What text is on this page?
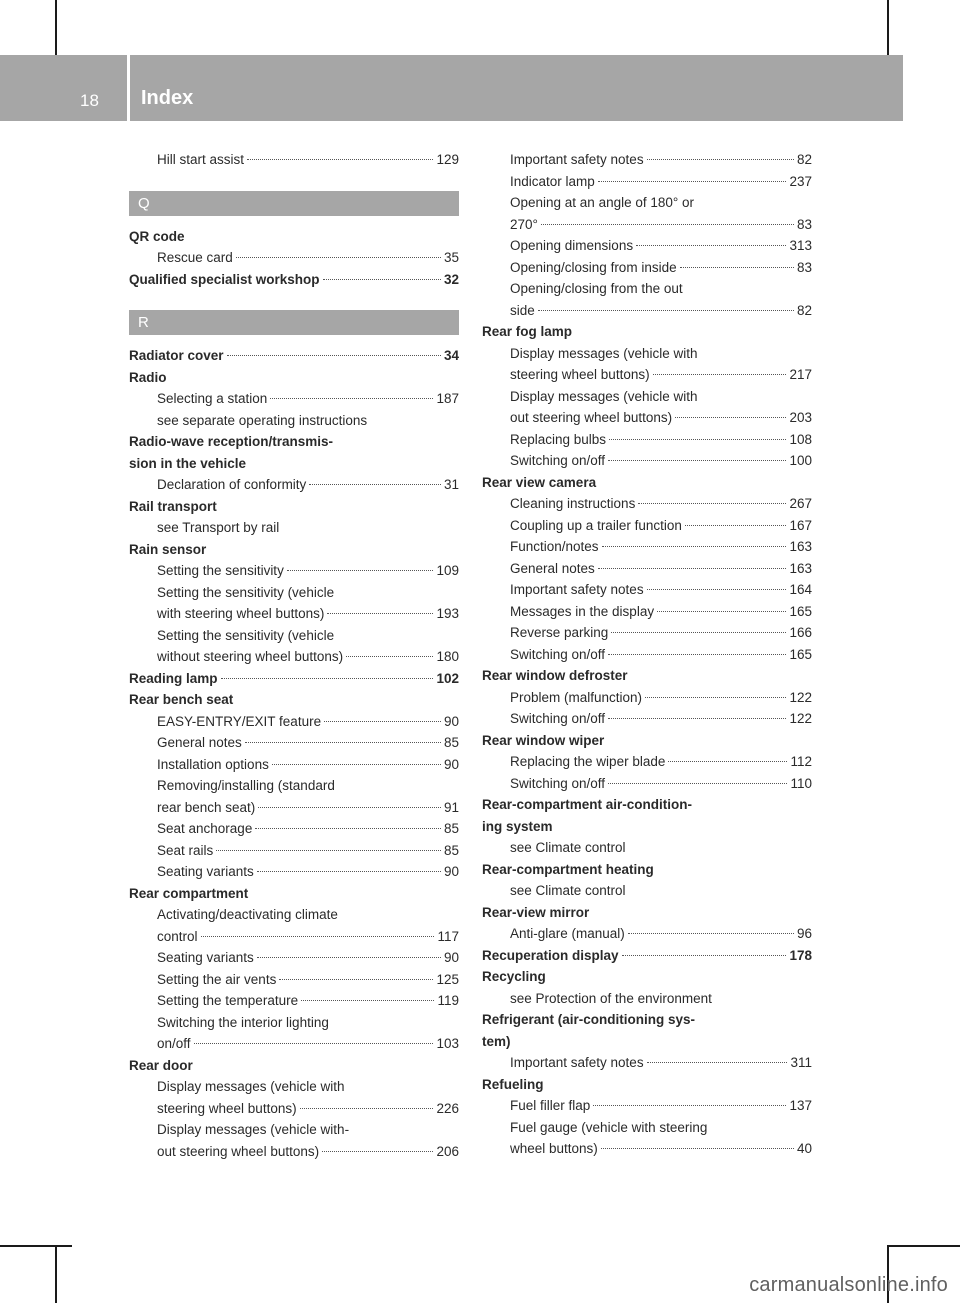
18 Index
Hill start assist	129
Q
QR code
Rescue card	35
Qualified specialist workshop	32
R
Radiator cover	34
Radio
Selecting a station	187
see separate operating instructions
Radio-wave reception/transmis-
sion in the vehicle
Declaration of conformity	31
Rail transport
see Transport by rail
Rain sensor
Setting the sensitivity	109
Setting the sensitivity (vehicle
with steering wheel buttons)	193
Setting the sensitivity (vehicle
without steering wheel buttons)	180
Reading lamp	102
Rear bench seat
EASY-ENTRY/EXIT feature	90
General notes	85
Installation options	90
Removing/installing (standard
rear bench seat)	91
Seat anchorage	85
Seat rails	85
Seating variants	90
Rear compartment
Activating/deactivating climate
control	117
Seating variants	90
Setting the air vents	125
Setting the temperature	119
Switching the interior lighting
on/off	103
Rear door
Display messages (vehicle with
steering wheel buttons)	226
Display messages (vehicle with-
out steering wheel buttons)	206
Important safety notes	82
Indicator lamp	237
Opening at an angle of 180° or
270°	83
Opening dimensions	313
Opening/closing from inside	83
Opening/closing from the out
side	82
Rear fog lamp
Display messages (vehicle with
steering wheel buttons)	217
Display messages (vehicle with
out steering wheel buttons)	203
Replacing bulbs	108
Switching on/off	100
Rear view camera
Cleaning instructions	267
Coupling up a trailer function	167
Function/notes	163
General notes	163
Important safety notes	164
Messages in the display	165
Reverse parking	166
Switching on/off	165
Rear window defroster
Problem (malfunction)	122
Switching on/off	122
Rear window wiper
Replacing the wiper blade	112
Switching on/off	110
Rear-compartment air-condition-
ing system
see Climate control
Rear-compartment heating
see Climate control
Rear-view mirror
Anti-glare (manual)	96
Recuperation display	178
Recycling
see Protection of the environment
Refrigerant (air-conditioning sys-
tem)
Important safety notes	311
Refueling
Fuel filler flap	137
Fuel gauge (vehicle with steering
wheel buttons)	40
carmanualsonline.info
